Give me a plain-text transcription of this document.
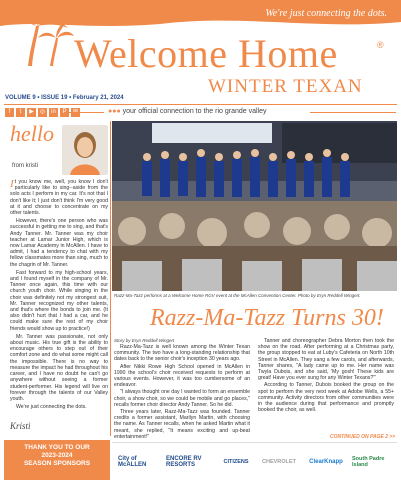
We're just connecting the dots.
Welcome Home	®
WINTER TEXAN
VOLUME 9 • ISSUE 19 • February 21, 2024
f	t	▶	◎	in	P	●●● your official connection to the rio grande valley
hello
from kristi

It you know me, well, you know I don't particularly like to sing--aside from the solo acts I perform in my car. It's not that I don't like it; I just don't think I'm very good at it and choose to concentrate on my other talents.

However, there's one person who was successful in getting me to sing, and that's Andy Tanner. Mr. Tanner was my choir teacher at Lamar Junior High, which is now Lamar Academy in McAllen. I have to admit, I had a tendency to chat with my fellow classmates more than sing, much to the chagrin of Mr. Tanner.

Fast forward to my high-school years, and I found myself in the company of Mr. Tanner once again, this time with our church youth choir. While singing in the choir was definitely not my strongest suit, Mr. Tanner recognized my other talents, and that's where the bonds to join me. (It also didn't hurt that I had a car, and he could make sure the rest of my choir friends would show up to practice!)

Mr. Tanner was passionate, not only about music. His true gift is the ability to encourage others to step out of their comfort zone and do what some might call the impossible. There is no way to measure the impact he had throughout his career, and I have no doubt he can't go anywhere without seeing a former student-performer. His legend will live on forever through the talents of our Valley youth.

We're just connecting the dots.

Kristi
THANK YOU TO OUR
2023-2024
SEASON SPONSORS
Razz-Ma-Tazz performs at a Welcome Home RGV event at the McAllen Convention Center. Photo by Eryn Reddell Wingert.
Razz-Ma-Tazz Turns 30!
Story by Eryn Reddell Wingert

Razz-Ma-Tazz is well known among the Winter Texan community. The two have a long-standing relationship that dates back to the senior choir's inception 30 years ago.

After Nikki Rowe High School opened in McAllen in 1990 the school's choir received requests to perform at various events. However, it was too cumbersome of an endeavor.

"I always thought one day I wanted to form an ensemble choir, a show choir, so we could be mobile and go places," recalls former choir director Andy Tanner. So he did.

Three years later, Razz-Ma-Tazz was founded. Tanner credits a former assistant, Marilyn Martin, with choosing the name. As Tanner recalls, when he asked Martin what it meant, she replied, "It means exciting and up-beat entertainment!"

Tanner and choreographer Debra Morton then took the show on the road. After performing at a Christmas party, the group stopped to eat at Luby's Cafeteria on North 10th Street in McAllen. They sang a few carols, and afterwards, Tanner shares, "A lady came up to me. Her name was Twyla Dubois, and she said, 'My gosh! These kids are great! Have you ever sung for any Winter Texans?'"

According to Tanner, Dubois booked the group on the spot to perform the very next week at Adobe Wells, a 55+ community. Activity directors from other communities were in the audience during that performance and promptly booked the choir, as well.

CONTINUED ON PAGE 2 >>
City of McALLEN
ENCORE RV RESORTS	CITIZENS	CHEVROLET	ClearKnapp	South Padre Island
